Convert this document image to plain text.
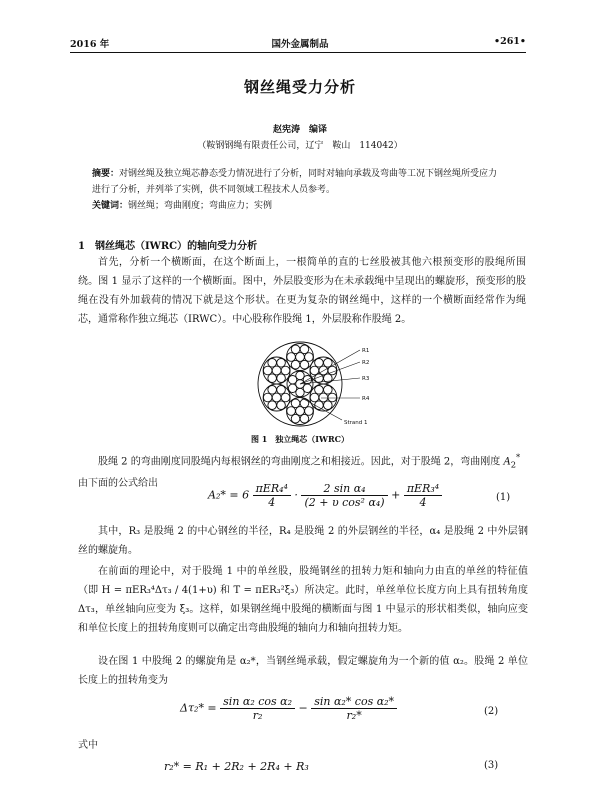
2016 年	国外金属制品	•261•
钢丝绳受力分析
赵宪涛　编译
（鞍钢钢绳有限责任公司，辽宁　鞍山　114042）
摘要：对钢丝绳及独立绳芯静态受力情况进行了分析，同时对轴向承载及弯曲等工况下钢丝绳所受应力
进行了分析，并列举了实例，供不同领域工程技术人员参考。
关键词：钢丝绳；弯曲刚度；弯曲应力；实例
1　钢丝绳芯（IWRC）的轴向受力分析

首先，分析一个横断面，在这个断面上，一根简单的直的七丝股被其他六根预变形的股绳所围绕。图 1 显示了这样的一个横断面。图中，外层股变形为在未承载绳中呈现出的螺旋形，预变形的股绳在没有外加载荷的情况下就是这个形状。在更为复杂的钢丝绳中，这样的一个横断面经常作为绳芯，通常称作独立绳芯（IRWC）。中心股称作股绳 1，外层股称作股绳 2。

R1
R2
R3
R4
Strand 1
图 1　独立绳芯（IWRC）

股绳 2 的弯曲刚度同股绳内每根钢丝的弯曲刚度之和相接近。因此，对于股绳 2，弯曲刚度 $A_2^*$

由下面的公式给出
$A_2* = 6 \frac{\text{πER₄⁴}}{4} \cdot \frac{\text{2 sin α₄}}{\text{(2 + υ cos² α₄)}} + \frac{\text{πER₃⁴}}{4}$	(1)

其中，R₃ 是股绳 2 的中心钢丝的半径，R₄ 是股绳 2 的外层钢丝的半径，α₄ 是股绳 2 中外层钢丝的螺旋角。

在前面的理论中，对于股绳 1 中的单丝股，股绳钢丝的扭转力矩和轴向力由直的单丝的特征值（即 H = πER₃⁴Δτ₃ / 4(1+υ) 和 T = πER₃²ξ₃）所决定。此时，单丝单位长度方向上具有扭转角度 Δτ₃，单丝轴向应变为 ξ₃。这样，如果钢丝绳中股绳的横断面与图 1 中显示的形状相类似，轴向应变和单位长度上的扭转角度则可以确定出弯曲股绳的轴向力和轴向扭转力矩。

设在图 1 中股绳 2 的螺旋角是 α₂*，当钢丝绳承载，假定螺旋角为一个新的值 α₂。股绳 2 单位长度上的扭转角变为

$\Delta\tau_2* = \frac{\text{sin α₂ cos α₂}}{\text{r₂}} - \frac{\text{sin α₂* cos α₂*}}{\text{r₂*}}$	(2)
式中
r₂* = R₁ + 2R₂ + 2R₄ + R₃	(3)
